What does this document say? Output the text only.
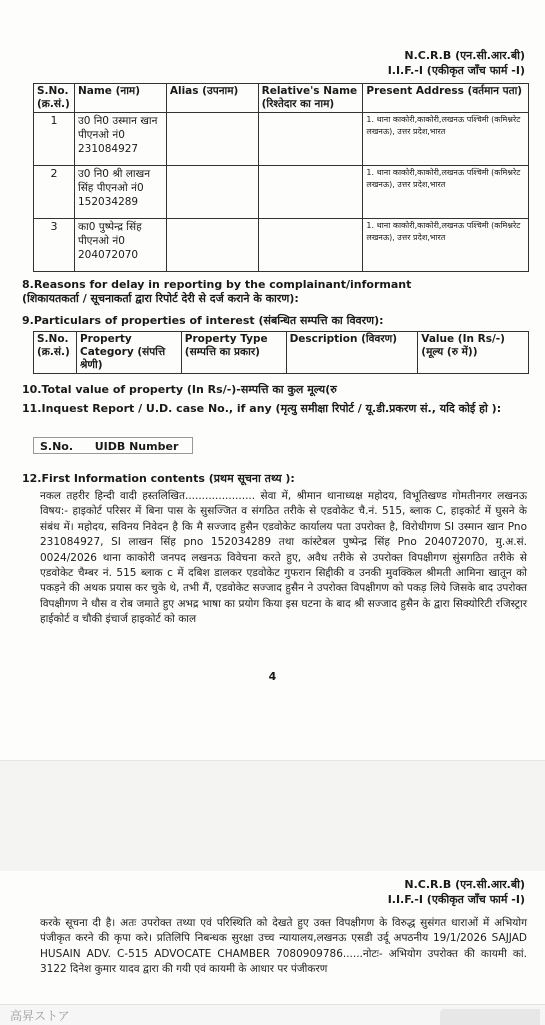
N.C.R.B (एन.सी.आर.बी)
I.I.F.-I (एकीकृत जाँच फार्म -I)
S.No. (क्र.सं.)	Name (नाम)	Alias (उपनाम)	Relative's Name (रिश्तेदार का नाम)	Present Address (वर्तमान पता)
1	उ0 नि0 उस्मान खान पीएनओ नं0 231084927			1. थाना काकोरी,काकोरी,लखनऊ पश्चिमी (कमिश्नरेट लखनऊ), उत्तर प्रदेश,भारत
2	उ0 नि0 श्री लाखन सिंह पीएनओ नं0 152034289			1. थाना काकोरी,काकोरी,लखनऊ पश्चिमी (कमिश्नरेट लखनऊ), उत्तर प्रदेश,भारत
3	का0 पुष्पेन्द्र सिंह पीएनओ नं0 204072070			1. थाना काकोरी,काकोरी,लखनऊ पश्चिमी (कमिश्नरेट लखनऊ), उत्तर प्रदेश,भारत
8.Reasons for delay in reporting by the complainant/informant
(शिकायतकर्ता / सूचनाकर्ता द्वारा रिपोर्ट देरी से दर्ज कराने के कारण):
9.Particulars of properties of interest (संबन्धित सम्पत्ति का विवरण):
S.No. (क्र.सं.)	Property Category (संपत्ति श्रेणी)	Property Type (सम्पत्ति का प्रकार)	Description (विवरण)	Value (In Rs/-) (मूल्य (रु में))
10.Total value of property (In Rs/-)-सम्पत्ति का कुल मूल्य(रु
11.Inquest Report / U.D. case No., if any (मृत्यु समीक्षा रिपोर्ट / यू.डी.प्रकरण सं., यदि कोई हो ):
S.No. UIDB Number
12.First Information contents (प्रथम सूचना तथ्य ):
नकल तहरीर हिन्दी वादी हस्तलिखित..................... सेवा में, श्रीमान थानाध्यक्ष महोदय, विभूतिखण्ड गोमतीनगर लखनऊ विषय:- हाइकोर्ट परिसर में बिना पास के सुसज्जित व संगठित तरीके से एडवोकेट चै.नं. 515, ब्लाक C, हाइकोर्ट में घुसने के संबंध में। महोदय, सविनय निवेदन है कि मै सज्जाद हुसैन एडवोकेट कार्यालय पता उपरोक्त है, विरोधीगण SI उस्मान खान Pno 231084927, SI लाखन सिंह pno 152034289 तथा कांस्टेबल पुष्पेन्द्र सिंह Pno 204072070, मु.अ.सं. 0024/2026 थाना काकोरी जनपद लखनऊ विवेचना करते हुए, अवैध तरीके से उपरोक्त विपक्षीगण सुंसगठित तरीके से एडवोकेट चैम्बर नं. 515 ब्लाक c में दबिश डालकर एडवोकेट गुफरान सिद्दीकी व उनकी मुवक्किल श्रीमती आमिना खातून को पकड़ने की अथक प्रयास कर चुके थे, तभी मैं, एडवोकेट सज्जाद हुसैन ने उपरोक्त विपक्षीगण को पकड़ लिये जिसके बाद उपरोक्त विपक्षीगण ने धौस व रोब जमाते हुए अभद्र भाषा का प्रयोग किया इस घटना के बाद श्री सज्जाद हुसैन के द्वारा सिक्योरिटी रजिस्ट्रार हाईकोर्ट व चौकी इंचार्ज हाइकोर्ट को काल
4
N.C.R.B (एन.सी.आर.बी)
I.I.F.-I (एकीकृत जाँच फार्म -I)
करके सूचना दी है। अतः उपरोक्त तथ्या एवं परिस्थिति को देखते हुए उक्त विपक्षीगण के विरुद्ध सुसंगत धाराओं में अभियोग पंजीकृत करने की कृपा करे। प्रतिलिपि निबन्धक सुरक्षा उच्च न्यायालय,लखनऊ एसडी उर्दू अपठनीय 19/1/2026 SAJJAD HUSAIN ADV. C-515 ADVOCATE CHAMBER 7080909786......नोटः- अभियोग उपरोक्त की कायमी कां. 3122 दिनेश कुमार यादव द्वारा की गयी एवं कायमी के आधार पर पंजीकरण
高昇ストア
